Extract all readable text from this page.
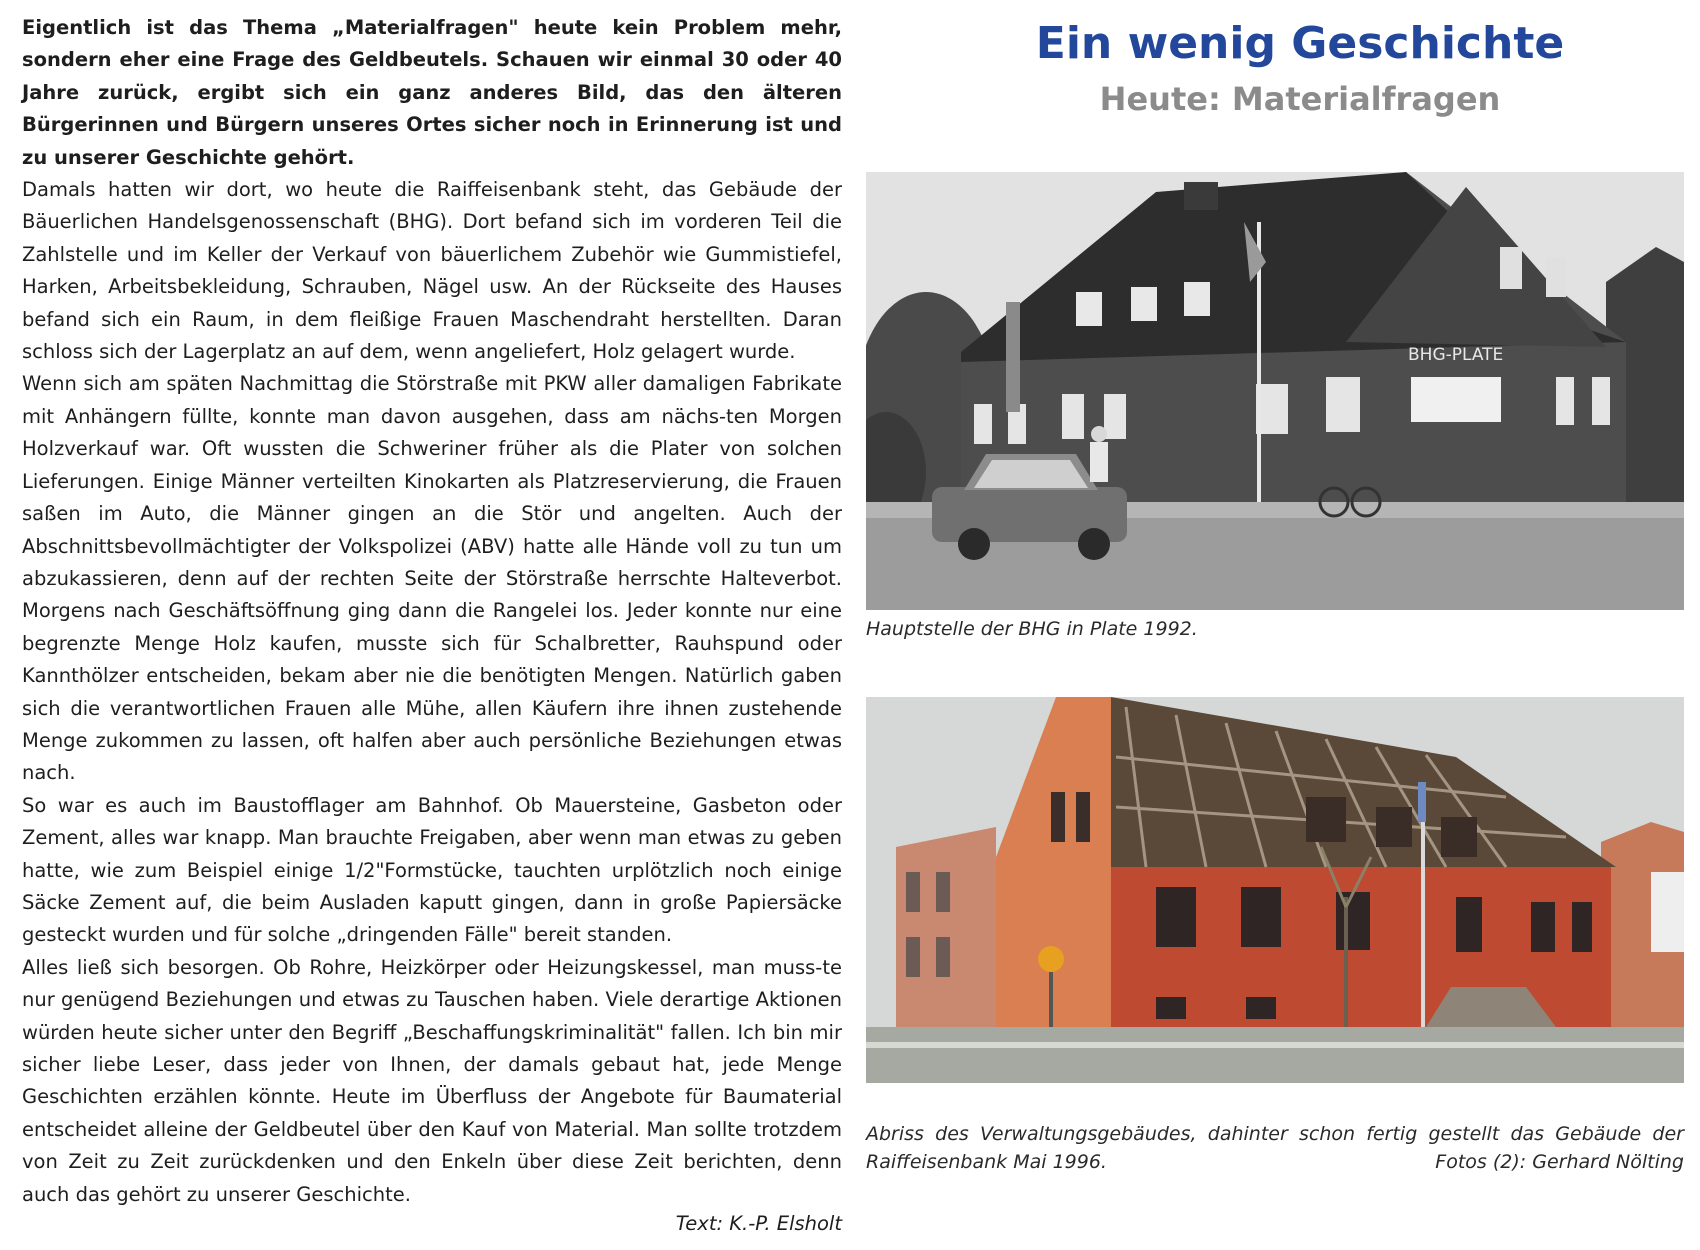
Eigentlich ist das Thema „Materialfragen" heute kein Problem mehr, sondern eher eine Frage des Geldbeutels. Schauen wir einmal 30 oder 40 Jahre zurück, ergibt sich ein ganz anderes Bild, das den älteren Bürgerinnen und Bürgern unseres Ortes sicher noch in Erinnerung ist und zu unserer Geschichte gehört.

Damals hatten wir dort, wo heute die Raiffeisenbank steht, das Gebäude der Bäuerlichen Handelsgenossenschaft (BHG). Dort befand sich im vorderen Teil die Zahlstelle und im Keller der Verkauf von bäuerlichem Zubehör wie Gummistiefel, Harken, Arbeitsbekleidung, Schrauben, Nägel usw. An der Rückseite des Hauses befand sich ein Raum, in dem fleißige Frauen Maschendraht herstellten. Daran schloss sich der Lagerplatz an auf dem, wenn angeliefert, Holz gelagert wurde.

Wenn sich am späten Nachmittag die Störstraße mit PKW aller damaligen Fabrikate mit Anhängern füllte, konnte man davon ausgehen, dass am nächs-ten Morgen Holzverkauf war. Oft wussten die Schweriner früher als die Plater von solchen Lieferungen. Einige Männer verteilten Kinokarten als Platzreservierung, die Frauen saßen im Auto, die Männer gingen an die Stör und angelten. Auch der Abschnittsbevollmächtigter der Volkspolizei (ABV) hatte alle Hände voll zu tun um abzukassieren, denn auf der rechten Seite der Störstraße herrschte Halteverbot. Morgens nach Geschäftsöffnung ging dann die Rangelei los. Jeder konnte nur eine begrenzte Menge Holz kaufen, musste sich für Schalbretter, Rauhspund oder Kannthölzer entscheiden, bekam aber nie die benötigten Mengen. Natürlich gaben sich die verantwortlichen Frauen alle Mühe, allen Käufern ihre ihnen zustehende Menge zukommen zu lassen, oft halfen aber auch persönliche Beziehungen etwas nach.

So war es auch im Baustofflager am Bahnhof. Ob Mauersteine, Gasbeton oder Zement, alles war knapp. Man brauchte Freigaben, aber wenn man etwas zu geben hatte, wie zum Beispiel einige 1/2"Formstücke, tauchten urplötzlich noch einige Säcke Zement auf, die beim Ausladen kaputt gingen, dann in große Papiersäcke gesteckt wurden und für solche „dringenden Fälle" bereit standen.

Alles ließ sich besorgen. Ob Rohre, Heizkörper oder Heizungskessel, man muss-te nur genügend Beziehungen und etwas zu Tauschen haben. Viele derartige Aktionen würden heute sicher unter den Begriff „Beschaffungskriminalität" fallen. Ich bin mir sicher liebe Leser, dass jeder von Ihnen, der damals gebaut hat, jede Menge Geschichten erzählen könnte. Heute im Überfluss der Angebote für Baumaterial entscheidet alleine der Geldbeutel über den Kauf von Material. Man sollte trotzdem von Zeit zu Zeit zurückdenken und den Enkeln über diese Zeit berichten, denn auch das gehört zu unserer Geschichte.

Text: K.-P. Elsholt
Ein wenig Geschichte
Heute: Materialfragen
BHG-PLATE
Hauptstelle der BHG in Plate 1992.
Abriss des Verwaltungsgebäudes, dahinter schon fertig gestellt das Gebäude der Raiffeisenbank Mai 1996.	Fotos (2): Gerhard Nölting
